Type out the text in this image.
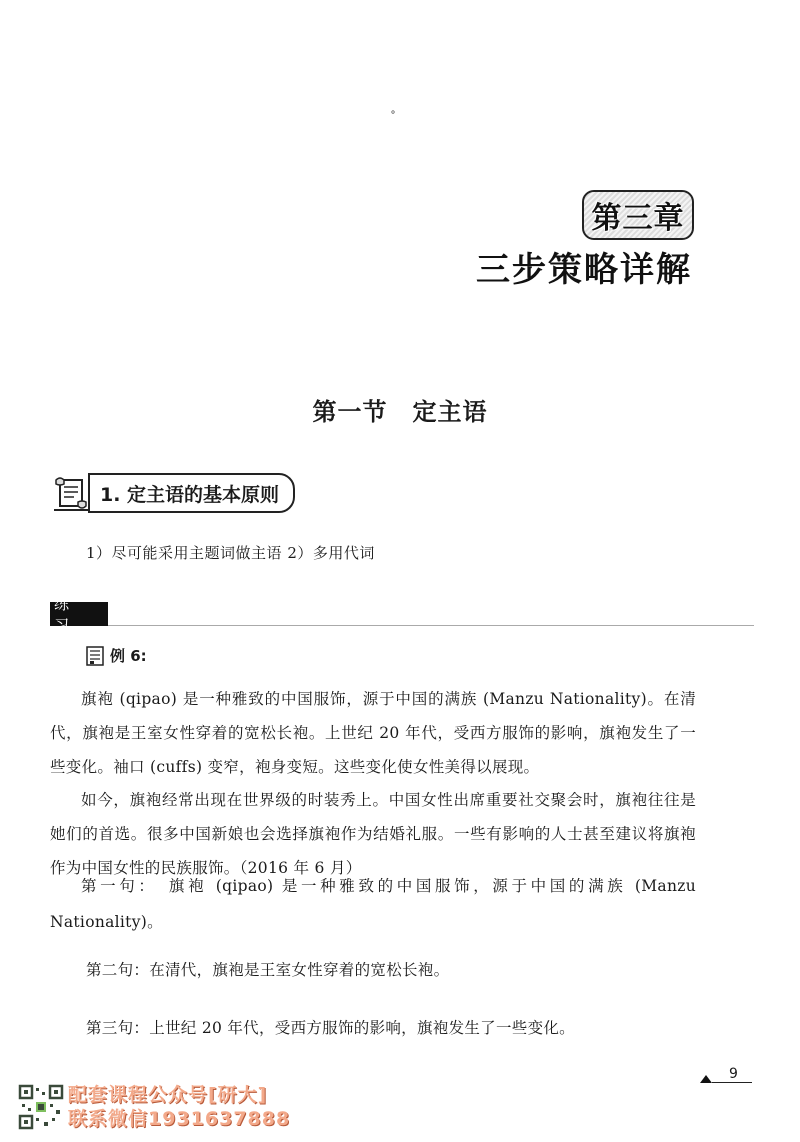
˚
第三章
三步策略详解
第一节　定主语
1. 定主语的基本原则
1）尽可能采用主题词做主语 2）多用代词
练 习
例 6:

旗袍 (qipao) 是一种雅致的中国服饰，源于中国的满族 (Manzu Nationality)。在清代，旗袍是王室女性穿着的宽松长袍。上世纪 20 年代，受西方服饰的影响，旗袍发生了一些变化。袖口 (cuffs) 变窄，袍身变短。这些变化使女性美得以展现。

如今，旗袍经常出现在世界级的时装秀上。中国女性出席重要社交聚会时，旗袍往往是她们的首选。很多中国新娘也会选择旗袍作为结婚礼服。一些有影响的人士甚至建议将旗袍作为中国女性的民族服饰。（2016 年 6 月）

第一句：　旗袍 (qipao) 是一种雅致的中国服饰，源于中国的满族 (Manzu Nationality)。

第二句：在清代，旗袍是王室女性穿着的宽松长袍。
第三句：上世纪 20 年代，受西方服饰的影响，旗袍发生了一些变化。
9
配套课程公众号[研大]
联系微信1931637888
